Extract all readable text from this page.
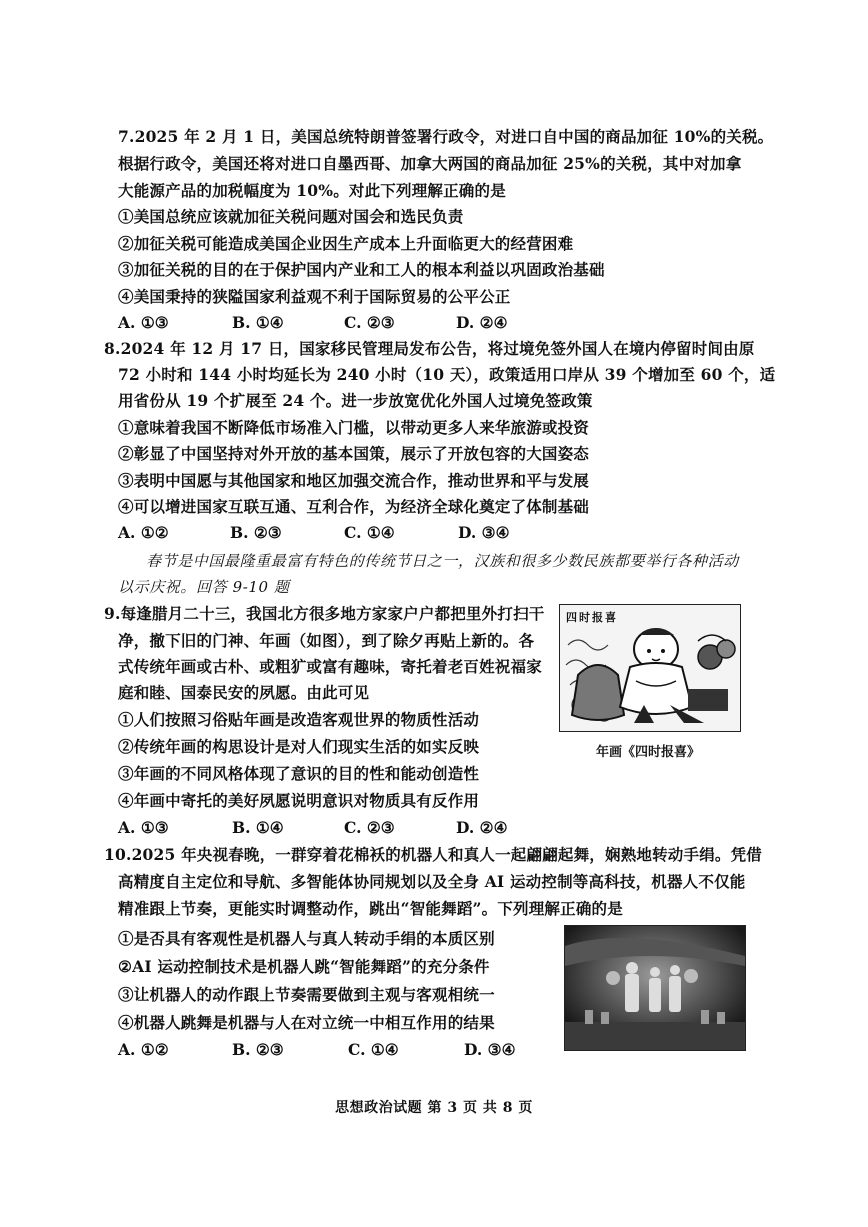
7.2025 年 2 月 1 日，美国总统特朗普签署行政令，对进口自中国的商品加征 10%的关税。
根据行政令，美国还将对进口自墨西哥、加拿大两国的商品加征 25%的关税，其中对加拿
大能源产品的加税幅度为 10%。对此下列理解正确的是
①美国总统应该就加征关税问题对国会和选民负责
②加征关税可能造成美国企业因生产成本上升面临更大的经营困难
③加征关税的目的在于保护国内产业和工人的根本利益以巩固政治基础
④美国秉持的狭隘国家利益观不利于国际贸易的公平公正
A. ①③	B. ①④	C. ②③	D. ②④
8.2024 年 12 月 17 日，国家移民管理局发布公告，将过境免签外国人在境内停留时间由原
72 小时和 144 小时均延长为 240 小时（10 天），政策适用口岸从 39 个增加至 60 个，适
用省份从 19 个扩展至 24 个。进一步放宽优化外国人过境免签政策
①意味着我国不断降低市场准入门槛，以带动更多人来华旅游或投资
②彰显了中国坚持对外开放的基本国策，展示了开放包容的大国姿态
③表明中国愿与其他国家和地区加强交流合作，推动世界和平与发展
④可以增进国家互联互通、互利合作，为经济全球化奠定了体制基础
A. ①②	B. ②③	C. ①④	D. ③④
春节是中国最隆重最富有特色的传统节日之一，汉族和很多少数民族都要举行各种活动
以示庆祝。回答 9-10 题
9.每逢腊月二十三，我国北方很多地方家家户户都把里外打扫干
净，撤下旧的门神、年画（如图），到了除夕再贴上新的。各
式传统年画或古朴、或粗犷或富有趣味，寄托着老百姓祝福家
庭和睦、国泰民安的夙愿。由此可见
①人们按照习俗贴年画是改造客观世界的物质性活动
②传统年画的构思设计是对人们现实生活的如实反映
③年画的不同风格体现了意识的目的性和能动创造性
④年画中寄托的美好夙愿说明意识对物质具有反作用
A. ①③	B. ①④	C. ②③	D. ②④
四时报喜
年画《四时报喜》
10.2025 年央视春晚，一群穿着花棉袄的机器人和真人一起翩翩起舞，娴熟地转动手绢。凭借
高精度自主定位和导航、多智能体协同规划以及全身 AI 运动控制等高科技，机器人不仅能
精准跟上节奏，更能实时调整动作，跳出“智能舞蹈”。下列理解正确的是
①是否具有客观性是机器人与真人转动手绢的本质区别
②AI 运动控制技术是机器人跳“智能舞蹈”的充分条件
③让机器人的动作跟上节奏需要做到主观与客观相统一
④机器人跳舞是机器与人在对立统一中相互作用的结果
A. ①②	B. ②③	C. ①④	D. ③④
思想政治试题 第 3 页 共 8 页
